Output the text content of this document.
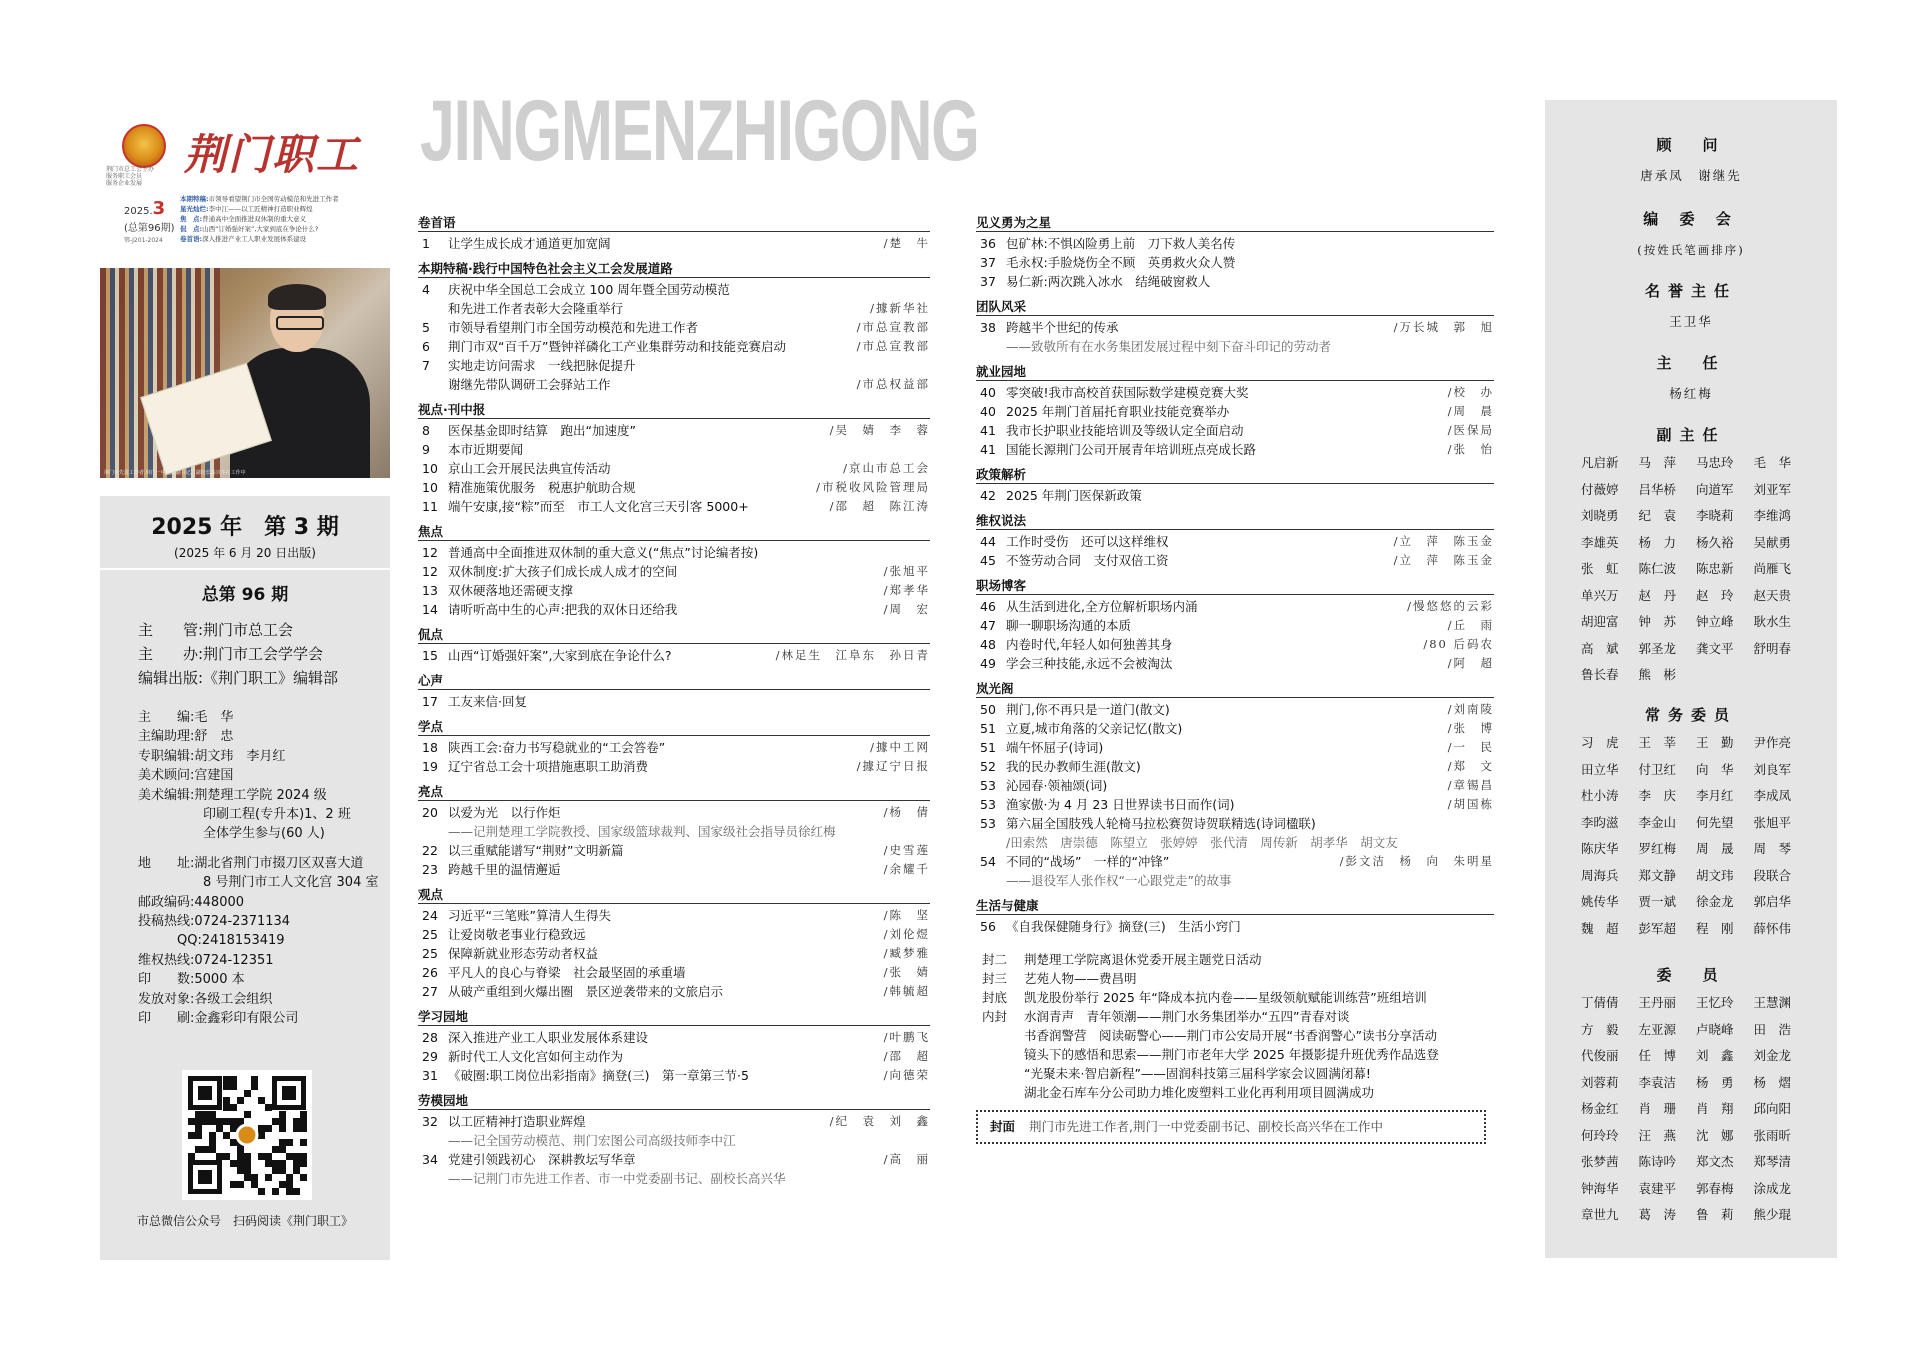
荆门市总工会主办
服务职工会员
服务企业发展
荆门职工
2025.3
(总第96期)
鄂-J201-2024
本期特稿:市领导看望荆门市全国劳动模范和先进工作者
星光灿烂:李中江——以工匠精神打造职业辉煌
焦　点:普通高中全面推进双休制的重大意义
侃　点:山西“订婚强奸案”,大家到底在争论什么?
卷首语:深入推进产业工人职业发展体系建设
荆门市先进工作者,荆门一中党委副书记、副校长高兴华在工作中
2025 年　第 3 期
(2025 年 6 月 20 日出版)
总第 96 期
主　　管:荆门市总工会
主　　办:荆门市工会学学会
编辑出版:《荆门职工》编辑部
主　　编:毛　华
主编助理:舒　忠
专职编辑:胡文玮　李月红
美术顾问:宫建国
美术编辑:荆楚理工学院 2024 级
　　　　　印刷工程(专升本)1、2 班
　　　　　全体学生参与(60 人)
地　　址:湖北省荆门市掇刀区双喜大道
　　　　　8 号荆门市工人文化宫 304 室
邮政编码:448000
投稿热线:0724-2371134
　　　QQ:2418153419
维权热线:0724-12351
印　　数:5000 本
发放对象:各级工会组织
印　　刷:金鑫彩印有限公司
市总微信公众号　扫码阅读《荆门职工》
JINGMENZHIGONG
卷首语
1 让学生成长成才通道更加宽阔	/楚　牛
本期特稿·践行中国特色社会主义工会发展道路
4 庆祝中华全国总工会成立 100 周年暨全国劳动模范
和先进工作者表彰大会隆重举行	/據新华社
5 市领导看望荆门市全国劳动模范和先进工作者	/市总宣教部
6 荆门市双“百千万”暨钟祥磷化工产业集群劳动和技能竞赛启动	/市总宣教部
7 实地走访问需求　一线把脉促提升
谢继先带队调研工会驿站工作	/市总权益部
视点·刊中报
8 医保基金即时结算　跑出“加速度”	/吴　婧　李　蓉
9 本市近期要闻
10 京山工会开展民法典宣传活动	/京山市总工会
10 精准施策优服务　税惠护航助合规	/市税收风险管理局
11 端午安康,接“粽”而至　市工人文化宫三天引客 5000+	/邵　超　陈江涛
焦点
12 普通高中全面推进双休制的重大意义(“焦点”讨论编者按)
12 双休制度:扩大孩子们成长成人成才的空间	/张旭平
13 双休硬落地还需硬支撑	/郑孝华
14 请听听高中生的心声:把我的双休日还给我	/周　宏
侃点
15 山西“订婚强奸案”,大家到底在争论什么?	/林足生　江阜东　孙日青
心声
17 工友来信·回复
学点
18 陕西工会:奋力书写稳就业的“工会答卷”	/據中工网
19 辽宁省总工会十项措施惠职工助消费	/據辽宁日报
亮点
20 以爱为光　以行作炬	/杨　倩
——记荆楚理工学院教授、国家级篮球裁判、国家级社会指导员徐红梅
22 以三重赋能谱写“荆财”文明新篇	/史雪莲
23 跨越千里的温情邂逅	/余耀千
观点
24 习近平“三笔账”算清人生得失	/陈　坚
25 让爱岗敬老事业行稳致远	/刘伦煜
25 保障新就业形态劳动者权益	/臧梦雅
26 平凡人的良心与脊梁　社会最坚固的承重墙	/张　婧
27 从破产重组到火爆出圈　景区逆袭带来的文旅启示	/韩毓超
学习园地
28 深入推进产业工人职业发展体系建设	/叶鹏飞
29 新时代工人文化宫如何主动作为	/邵　超
31 《破圈:职工岗位出彩指南》摘登(三)　第一章第三节·5	/向德荣
劳模园地
32 以工匠精神打造职业辉煌	/纪　袁　刘　鑫
——记全国劳动模范、荆门宏图公司高级技师李中江
34 党建引领践初心　深耕教坛写华章	/高　丽
——记荆门市先进工作者、市一中党委副书记、副校长高兴华
见义勇为之星
36 包矿林:不惧凶险勇上前　刀下救人美名传
37 毛永权:手脸烧伤全不顾　英勇救火众人赞
37 易仁新:两次跳入冰水　结绳破窗救人
团队风采
38 跨越半个世纪的传承	/万长城　郭　旭
——致敬所有在水务集团发展过程中刻下奋斗印记的劳动者
就业园地
40 零突破!我市高校首获国际数学建模竞赛大奖	/校　办
40 2025 年荆门首届托育职业技能竞赛举办	/周　晨
41 我市长护职业技能培训及等级认定全面启动	/医保局
41 国能长源荆门公司开展青年培训班点亮成长路	/张　怡
政策解析
42 2025 年荆门医保新政策
维权说法
44 工作时受伤　还可以这样维权	/立　萍　陈玉金
45 不签劳动合同　支付双倍工资	/立　萍　陈玉金
职场博客
46 从生活到进化,全方位解析职场内涌	/慢悠悠的云彩
47 聊一聊职场沟通的本质	/丘　雨
48 内卷时代,年轻人如何独善其身	/80 后码农
49 学会三种技能,永远不会被淘汰	/阿　超
岚光阁
50 荆门,你不再只是一道门(散文)	/刘南陵
51 立夏,城市角落的父亲记忆(散文)	/张　博
51 端午怀屈子(诗词)	/一　民
52 我的民办教师生涯(散文)	/郑　文
53 沁园春·领袖颂(词)	/章锡昌
53 渔家傲·为 4 月 23 日世界读书日而作(词)	/胡国栋
53 第六届全国肢残人轮椅马拉松赛贺诗贺联精选(诗词楹联)
/田索然　唐崇德　陈望立　张婷婷　张代清　周传新　胡孝华　胡文友
54 不同的“战场”　一样的“冲锋”	/彭文洁　杨　向　朱明星
——退役军人张作权“一心跟党走”的故事
生活与健康
56 《自我保健随身行》摘登(三)　生活小窍门
封二 荆楚理工学院离退休党委开展主题党日活动
封三 艺苑人物——费昌明
封底 凯龙股份举行 2025 年“降成本抗内卷——星级领航赋能训练营”班组培训
内封 水润青声　青年领潮——荆门水务集团举办“五四”青春对谈
书香润警营　阅读砺警心——荆门市公安局开展“书香润警心”读书分享活动
镜头下的感悟和思索——荆门市老年大学 2025 年摄影提升班优秀作品选登
“光聚未来·智启新程”——固润科技第三届科学家会议圆满闭幕!
湖北金石库车分公司助力堆化废塑料工业化再利用项目圆满成功
封面 荆门市先进工作者,荆门一中党委副书记、副校长高兴华在工作中
顾　问
唐承凤　谢继先
编 委 会
(按姓氏笔画排序)
名誉主任
王卫华
主　任
杨红梅
副主任
凡启新	马　萍	马忠玲	毛　华
付薇婷	吕华桥	向道军	刘亚军
刘晓勇	纪　袁	李晓莉	李维鸿
李雄英	杨　力	杨久裕	吴献勇
张　虹	陈仁波	陈忠新	尚雁飞
单兴万	赵　丹	赵　玲	赵天贵
胡迎富	钟　苏	钟立峰	耿水生
高　斌	郭圣龙	龚文平	舒明春
鲁长春	熊　彬
常务委员
习　虎	王　莘	王　勤	尹作亮
田立华	付卫红	向　华	刘良军
杜小涛	李　庆	李月红	李成凤
李昀滋	李金山	何先望	张旭平
陈庆华	罗红梅	周　晟	周　琴
周海兵	郑文静	胡文玮	段联合
姚传华	贾一斌	徐金龙	郭启华
魏　超	彭军超	程　刚	薛怀伟
委　员
丁倩倩	王丹丽	王忆玲	王慧渊
方　毅	左亚源	卢晓峰	田　浩
代俊丽	任　博	刘　鑫	刘金龙
刘蓉莉	李袁洁	杨　勇	杨　熠
杨金红	肖　珊	肖　翔	邱向阳
何玲玲	汪　燕	沈　娜	张雨昕
张梦茜	陈诗吟	郑文杰	郑琴清
钟海华	袁建平	郭春梅	涂成龙
章世九	葛　涛	鲁　莉	熊少琨
